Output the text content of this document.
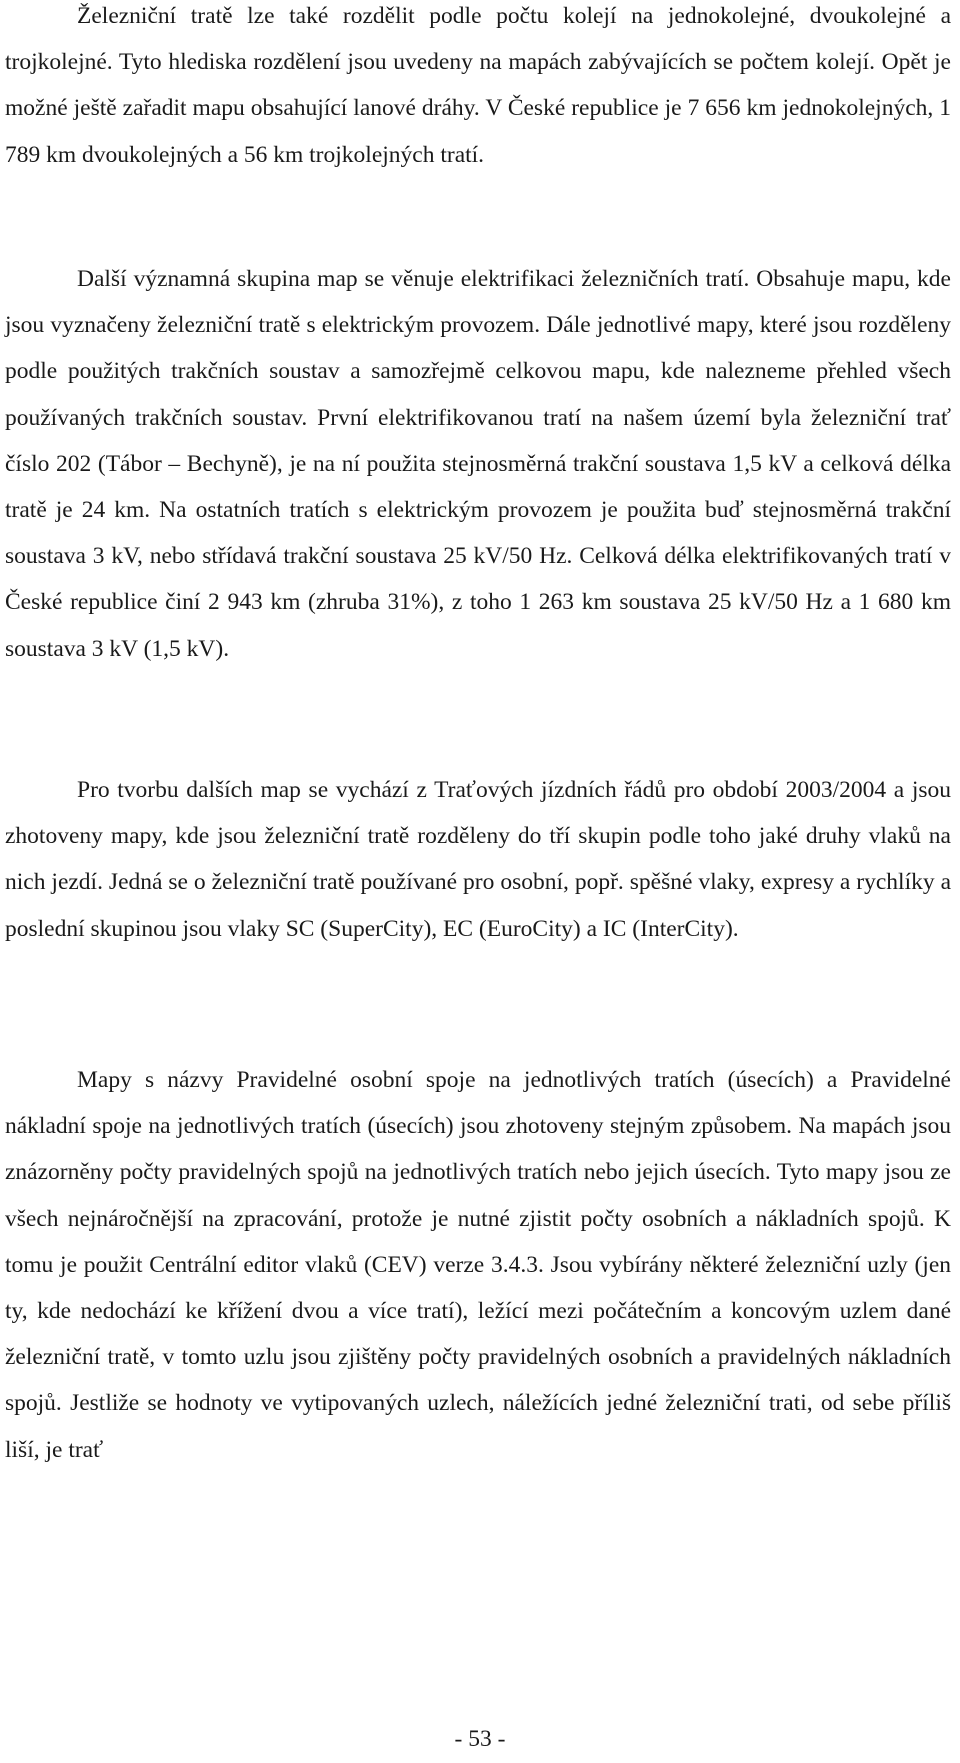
Železniční tratě lze také rozdělit podle počtu kolejí na jednokolejné, dvoukolejné a trojkolejné. Tyto hlediska rozdělení jsou uvedeny na mapách zabývajících se počtem kolejí. Opět je možné ještě zařadit mapu obsahující lanové dráhy. V České republice je 7 656 km jednokolejných, 1 789 km dvoukolejných a 56 km trojkolejných tratí.

Další významná skupina map se věnuje elektrifikaci železničních tratí. Obsahuje mapu, kde jsou vyznačeny železniční tratě s elektrickým provozem. Dále jednotlivé mapy, které jsou rozděleny podle použitých trakčních soustav a samozřejmě celkovou mapu, kde nalezneme přehled všech používaných trakčních soustav. První elektrifikovanou tratí na našem území byla železniční trať číslo 202 (Tábor – Bechyně), je na ní použita stejnosměrná trakční soustava 1,5 kV a celková délka tratě je 24 km. Na ostatních tratích s elektrickým provozem je použita buď stejnosměrná trakční soustava 3 kV, nebo střídavá trakční soustava 25 kV/50 Hz. Celková délka elektrifikovaných tratí v České republice činí 2 943 km (zhruba 31%), z toho 1 263 km soustava 25 kV/50 Hz a 1 680 km soustava 3 kV (1,5 kV).

Pro tvorbu dalších map se vychází z Traťových jízdních řádů pro období 2003/2004 a jsou zhotoveny mapy, kde jsou železniční tratě rozděleny do tří skupin podle toho jaké druhy vlaků na nich jezdí. Jedná se o železniční tratě používané pro osobní, popř. spěšné vlaky, expresy a rychlíky a poslední skupinou jsou vlaky SC (SuperCity), EC (EuroCity) a IC (InterCity).

Mapy s názvy Pravidelné osobní spoje na jednotlivých tratích (úsecích) a Pravidelné nákladní spoje na jednotlivých tratích (úsecích) jsou zhotoveny stejným způsobem. Na mapách jsou znázorněny počty pravidelných spojů na jednotlivých tratích nebo jejich úsecích. Tyto mapy jsou ze všech nejnáročnější na zpracování, protože je nutné zjistit počty osobních a nákladních spojů. K tomu je použit Centrální editor vlaků (CEV) verze 3.4.3. Jsou vybírány některé železniční uzly (jen ty, kde nedochází ke křížení dvou a více tratí), ležící mezi počátečním a koncovým uzlem dané železniční tratě, v tomto uzlu jsou zjištěny počty pravidelných osobních a pravidelných nákladních spojů. Jestliže se hodnoty ve vytipovaných uzlech, náležících jedné železniční trati, od sebe příliš liší, je trať

- 53 -
